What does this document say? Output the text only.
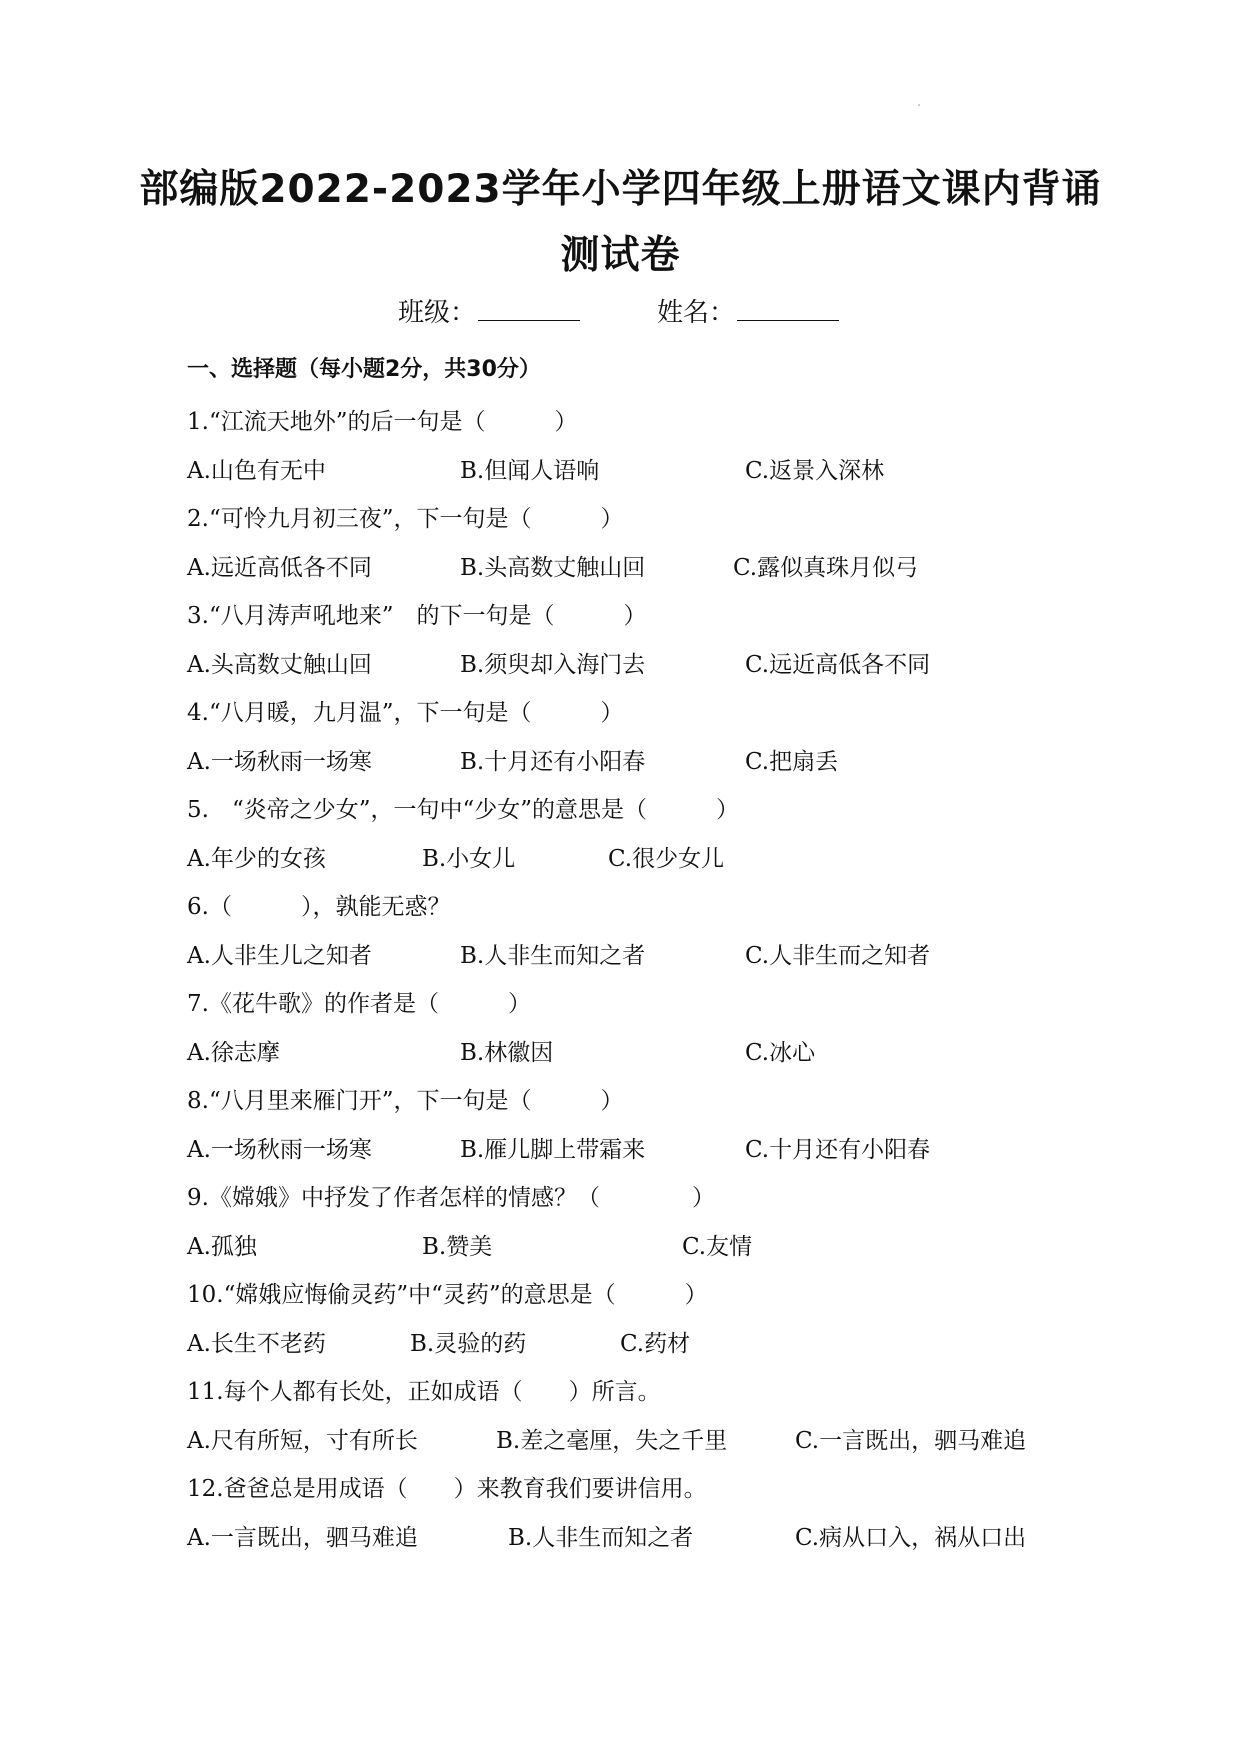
部编版2022-2023学年小学四年级上册语文课内背诵
测试卷
班级：	姓名：
一、选择题（每小题2分，共30分）
1.“江流天地外”的后一句是（　　　）
A.山色有无中	B.但闻人语响	C.返景入深林
2.“可怜九月初三夜”，下一句是（　　　）
A.远近高低各不同	B.头高数丈触山回	C.露似真珠月似弓
3.“八月涛声吼地来”　的下一句是（　　　）
A.头高数丈触山回	B.须臾却入海门去	C.远近高低各不同
4.“八月暖，九月温”，下一句是（　　　）
A.一场秋雨一场寒	B.十月还有小阳春	C.把扇丢
5.　“炎帝之少女”，一句中“少女”的意思是（　　　）
A.年少的女孩	B.小女儿	C.很少女儿
6.（　　　），孰能无惑？
A.人非生儿之知者	B.人非生而知之者	C.人非生而之知者
7.《花牛歌》的作者是（　　　）
A.徐志摩	B.林徽因	C.冰心
8.“八月里来雁门开”，下一句是（　　　）
A.一场秋雨一场寒	B.雁儿脚上带霜来	C.十月还有小阳春
9.《嫦娥》中抒发了作者怎样的情感？（　　　　）
A.孤独	B.赞美	C.友情
10.“嫦娥应悔偷灵药”中“灵药”的意思是（　　　）
A.长生不老药	B.灵验的药	C.药材
11.每个人都有长处，正如成语（　　）所言。
A.尺有所短，寸有所长	B.差之毫厘，失之千里	C.一言既出，驷马难追
12.爸爸总是用成语（　　）来教育我们要讲信用。
A.一言既出，驷马难追	B.人非生而知之者	C.病从口入，祸从口出
